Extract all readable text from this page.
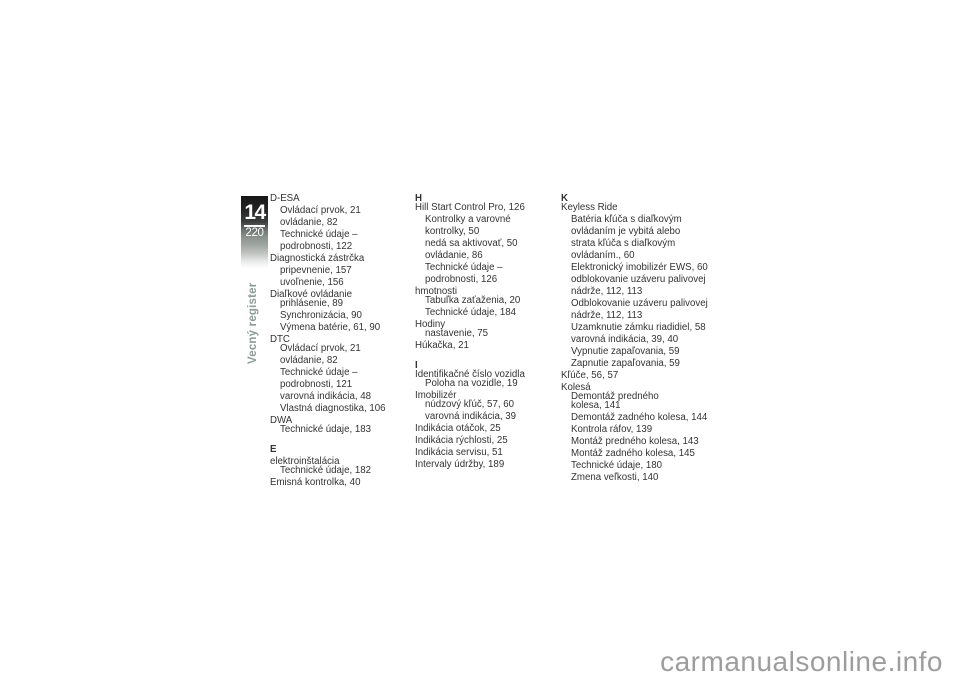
14
220
Vecný register
D-ESA
Ovládací prvok, 21
ovládanie, 82
Technické údaje –
podrobnosti, 122
Diagnostická zástrčka
pripevnenie, 157
uvoľnenie, 156
Diaľkové ovládanie
prihlásenie, 89
Synchronizácia, 90
Výmena batérie, 61, 90
DTC
Ovládací prvok, 21
ovládanie, 82
Technické údaje –
podrobnosti, 121
varovná indikácia, 48
Vlastná diagnostika, 106
DWA
Technické údaje, 183
E
elektroinštalácia
Technické údaje, 182
Emisná kontrolka, 40
H
Hill Start Control Pro, 126
Kontrolky a varovné
kontrolky, 50
nedá sa aktivovať, 50
ovládanie, 86
Technické údaje –
podrobnosti, 126
hmotnosti
Tabuľka zaťaženia, 20
Technické údaje, 184
Hodiny
nastavenie, 75
Húkačka, 21
I
Identifikačné číslo vozidla
Poloha na vozidle, 19
Imobilizér
núdzový kľúč, 57, 60
varovná indikácia, 39
Indikácia otáčok, 25
Indikácia rýchlosti, 25
Indikácia servisu, 51
Intervaly údržby, 189
K
Keyless Ride
Batéria kľúča s diaľkovým
ovládaním je vybitá alebo
strata kľúča s diaľkovým
ovládaním., 60
Elektronický imobilizér EWS, 60
odblokovanie uzáveru palivovej
nádrže, 112, 113
Odblokovanie uzáveru palivovej
nádrže, 112, 113
Uzamknutie zámku riadidiel, 58
varovná indikácia, 39, 40
Vypnutie zapaľovania, 59
Zapnutie zapaľovania, 59
Kľúče, 56, 57
Kolesá
Demontáž predného
kolesa, 141
Demontáž zadného kolesa, 144
Kontrola ráfov, 139
Montáž predného kolesa, 143
Montáž zadného kolesa, 145
Technické údaje, 180
Zmena veľkosti, 140
carmanualsonline.info
